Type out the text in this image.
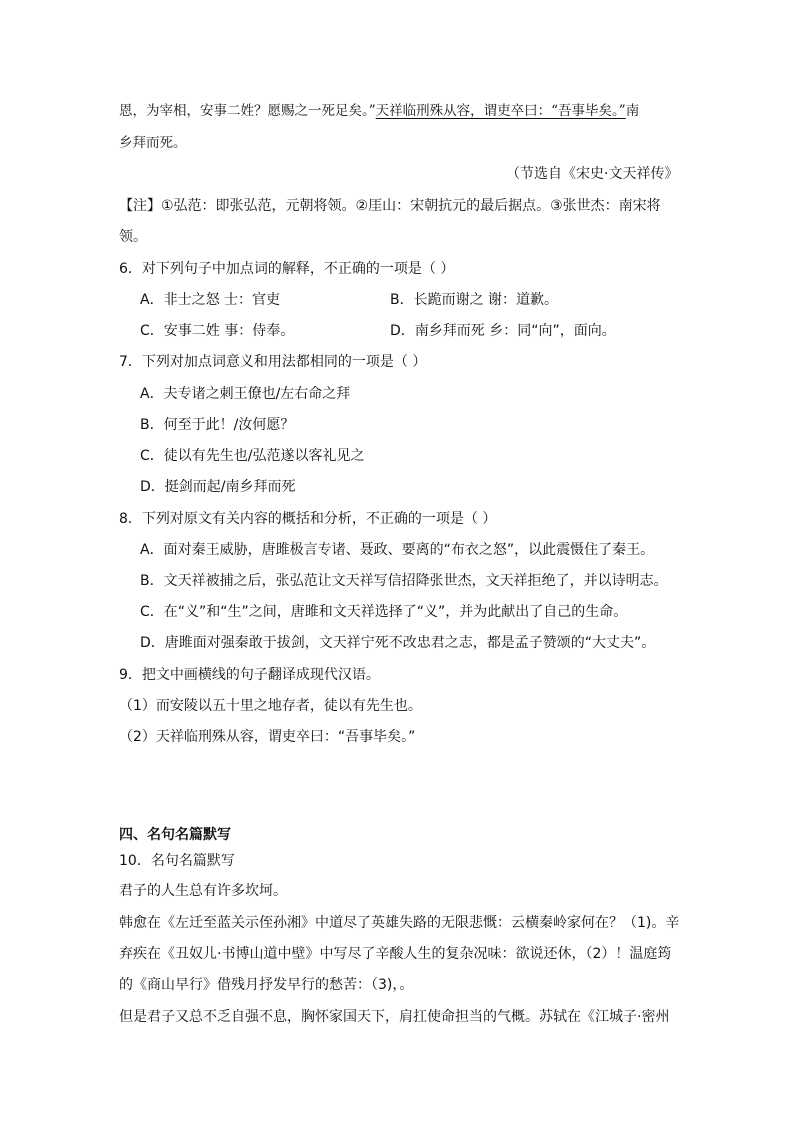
恩，为宰相，安事二姓？愿赐之一死足矣。”天祥临刑殊从容，谓吏卒曰：“吾事毕矣。”南
乡拜而死。
（节选自《宋史·文天祥传》
【注】①弘范：即张弘范，元朝将领。②厓山：宋朝抗元的最后据点。③张世杰：南宋将
领。
6．对下列句子中加点词的解释，不正确的一项是（ ）
A．非士之怒 士：官吏	B．长跪而谢之 谢：道歉。
C．安事二姓 事：侍奉。	D．南乡拜而死 乡：同“向”，面向。
7．下列对加点词意义和用法都相同的一项是（ ）
A．夫专诸之刺王僚也/左右命之拜
B．何至于此！/汝何愿？
C．徒以有先生也/弘范遂以客礼见之
D．挺剑而起/南乡拜而死
8．下列对原文有关内容的概括和分析，不正确的一项是（ ）
A．面对秦王威胁，唐雎极言专诸、聂政、要离的“布衣之怒”，以此震慑住了秦王。
B．文天祥被捕之后，张弘范让文天祥写信招降张世杰，文天祥拒绝了，并以诗明志。
C．在“义”和“生”之间，唐雎和文天祥选择了“义”，并为此献出了自己的生命。
D．唐雎面对强秦敢于拔剑，文天祥宁死不改忠君之志，都是孟子赞颂的“大丈夫”。
9．把文中画横线的句子翻译成现代汉语。
（1）而安陵以五十里之地存者，徒以有先生也。
（2）天祥临刑殊从容，谓吏卒曰：“吾事毕矣。”
四、名句名篇默写
10．名句名篇默写
君子的人生总有许多坎坷。
韩愈在《左迁至蓝关示侄孙湘》中道尽了英雄失路的无限悲慨：云横秦岭家何在？（1)。辛
弃疾在《丑奴儿·书博山道中壁》中写尽了辛酸人生的复杂况味：欲说还休，（2）！温庭筠
的《商山早行》借残月抒发早行的愁苦：（3)，。
但是君子又总不乏自强不息，胸怀家国天下，肩扛使命担当的气概。苏轼在《江城子·密州
